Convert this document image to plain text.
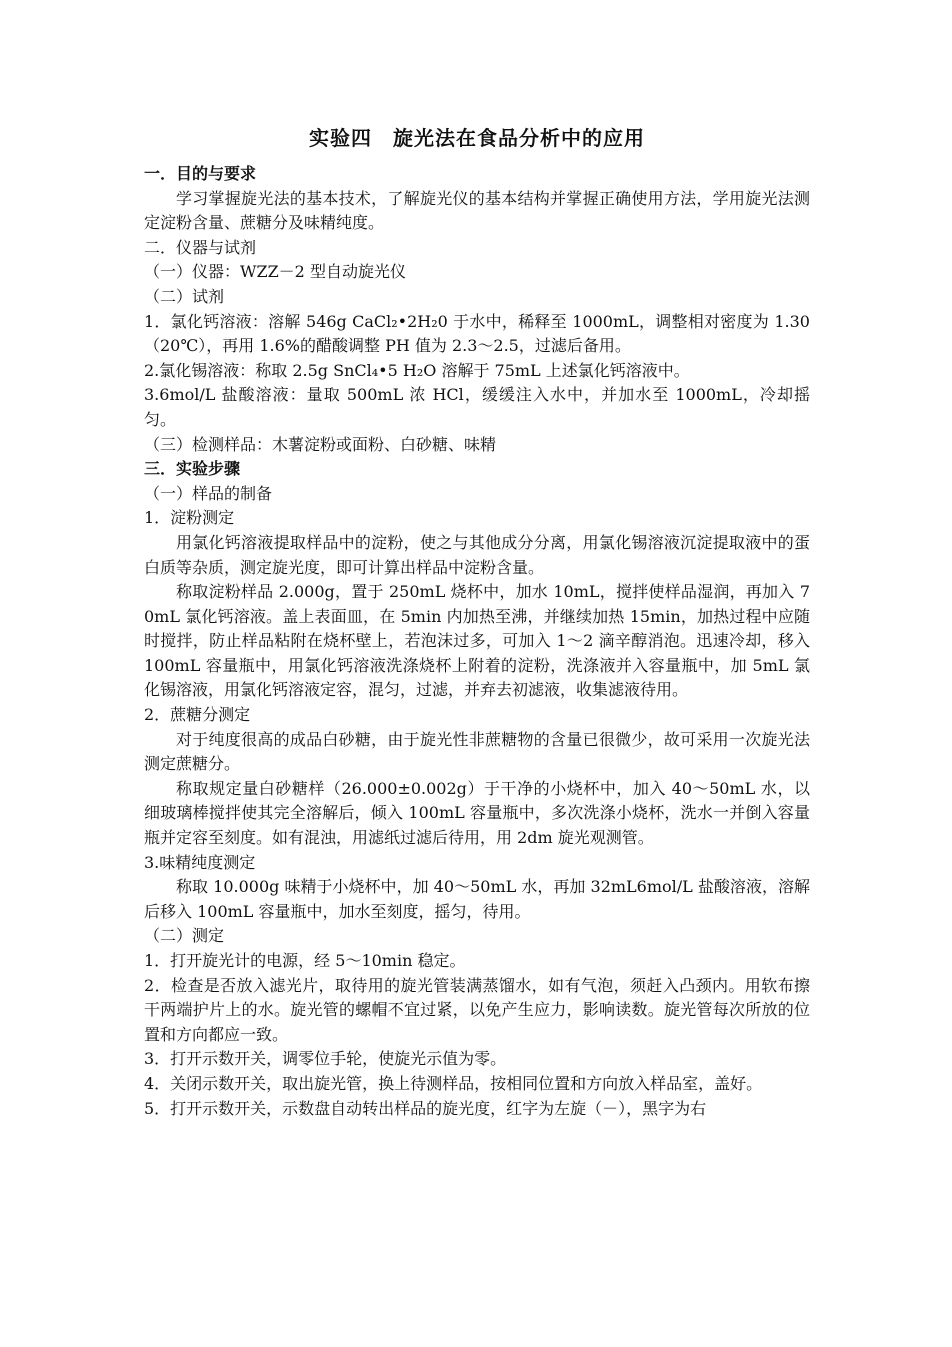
实验四　旋光法在食品分析中的应用

一．目的与要求

学习掌握旋光法的基本技术，了解旋光仪的基本结构并掌握正确使用方法，学用旋光法测定淀粉含量、蔗糖分及味精纯度。

二．仪器与试剂

（一）仪器：WZZ－2 型自动旋光仪

（二）试剂

1．氯化钙溶液：溶解 546g CaCl₂•2H₂0 于水中，稀释至 1000mL，调整相对密度为 1.30（20℃），再用 1.6%的醋酸调整 PH 值为 2.3～2.5，过滤后备用。

2.氯化锡溶液：称取 2.5g SnCl₄•5 H₂O 溶解于 75mL 上述氯化钙溶液中。

3.6mol/L 盐酸溶液：量取 500mL 浓 HCl，缓缓注入水中，并加水至 1000mL，冷却摇匀。

（三）检测样品：木薯淀粉或面粉、白砂糖、味精

三．实验步骤

（一）样品的制备

1．淀粉测定

用氯化钙溶液提取样品中的淀粉，使之与其他成分分离，用氯化锡溶液沉淀提取液中的蛋白质等杂质，测定旋光度，即可计算出样品中淀粉含量。

称取淀粉样品 2.000g，置于 250mL 烧杯中，加水 10mL，搅拌使样品湿润，再加入 70mL 氯化钙溶液。盖上表面皿，在 5min 内加热至沸，并继续加热 15min，加热过程中应随时搅拌，防止样品粘附在烧杯壁上，若泡沫过多，可加入 1～2 滴辛醇消泡。迅速冷却，移入 100mL 容量瓶中，用氯化钙溶液洗涤烧杯上附着的淀粉，洗涤液并入容量瓶中，加 5mL 氯化锡溶液，用氯化钙溶液定容，混匀，过滤，并弃去初滤液，收集滤液待用。

2．蔗糖分测定

对于纯度很高的成品白砂糖，由于旋光性非蔗糖物的含量已很微少，故可采用一次旋光法测定蔗糖分。

称取规定量白砂糖样（26.000±0.002g）于干净的小烧杯中，加入 40～50mL 水，以细玻璃棒搅拌使其完全溶解后，倾入 100mL 容量瓶中，多次洗涤小烧杯，洗水一并倒入容量瓶并定容至刻度。如有混浊，用滤纸过滤后待用，用 2dm 旋光观测管。

3.味精纯度测定

称取 10.000g 味精于小烧杯中，加 40～50mL 水，再加 32mL6mol/L 盐酸溶液，溶解后移入 100mL 容量瓶中，加水至刻度，摇匀，待用。

（二）测定

1．打开旋光计的电源，经 5～10min 稳定。

2．检查是否放入滤光片，取待用的旋光管装满蒸馏水，如有气泡，须赶入凸颈内。用软布擦干两端护片上的水。旋光管的螺帽不宜过紧，以免产生应力，影响读数。旋光管每次所放的位置和方向都应一致。

3．打开示数开关，调零位手轮，使旋光示值为零。

4．关闭示数开关，取出旋光管，换上待测样品，按相同位置和方向放入样品室，盖好。

5．打开示数开关，示数盘自动转出样品的旋光度，红字为左旋（－），黑字为右
